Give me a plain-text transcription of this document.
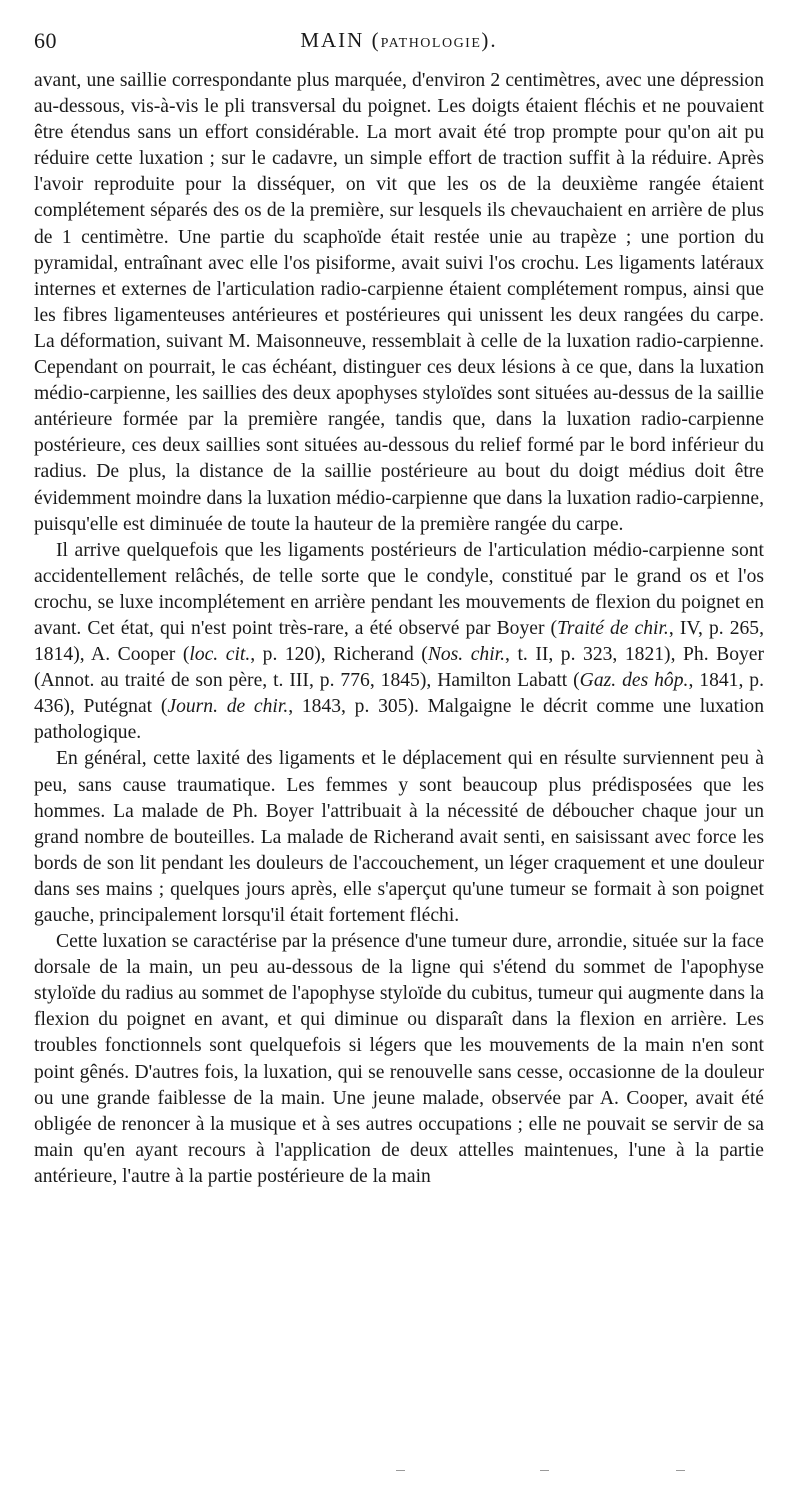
60	MAIN (PATHOLOGIE).

avant, une saillie correspondante plus marquée, d'environ 2 centimètres, avec une dépression au-dessous, vis-à-vis le pli transversal du poignet. Les doigts étaient fléchis et ne pouvaient être étendus sans un effort considérable. La mort avait été trop prompte pour qu'on ait pu réduire cette luxation ; sur le cadavre, un simple effort de traction suffit à la réduire. Après l'avoir reproduite pour la disséquer, on vit que les os de la deuxième rangée étaient complétement séparés des os de la première, sur lesquels ils chevauchaient en arrière de plus de 1 centimètre. Une partie du scaphoïde était restée unie au trapèze ; une portion du pyramidal, entraînant avec elle l'os pisiforme, avait suivi l'os crochu. Les ligaments latéraux internes et externes de l'articulation radio-carpienne étaient complétement rompus, ainsi que les fibres ligamenteuses antérieures et postérieures qui unissent les deux rangées du carpe. La déformation, suivant M. Maisonneuve, ressemblait à celle de la luxation radio-carpienne. Cependant on pourrait, le cas échéant, distinguer ces deux lésions à ce que, dans la luxation médio-carpienne, les saillies des deux apophyses styloïdes sont situées au-dessus de la saillie antérieure formée par la première rangée, tandis que, dans la luxation radio-carpienne postérieure, ces deux saillies sont situées au-dessous du relief formé par le bord inférieur du radius. De plus, la distance de la saillie postérieure au bout du doigt médius doit être évidemment moindre dans la luxation médio-carpienne que dans la luxation radio-carpienne, puisqu'elle est diminuée de toute la hauteur de la première rangée du carpe.

Il arrive quelquefois que les ligaments postérieurs de l'articulation médio-carpienne sont accidentellement relâchés, de telle sorte que le condyle, constitué par le grand os et l'os crochu, se luxe incomplétement en arrière pendant les mouvements de flexion du poignet en avant. Cet état, qui n'est point très-rare, a été observé par Boyer (Traité de chir., IV, p. 265, 1814), A. Cooper (loc. cit., p. 120), Richerand (Nos. chir., t. II, p. 323, 1821), Ph. Boyer (Annot. au traité de son père, t. III, p. 776, 1845), Hamilton Labatt (Gaz. des hôp., 1841, p. 436), Putégnat (Journ. de chir., 1843, p. 305). Malgaigne le décrit comme une luxation pathologique.

En général, cette laxité des ligaments et le déplacement qui en résulte surviennent peu à peu, sans cause traumatique. Les femmes y sont beaucoup plus prédisposées que les hommes. La malade de Ph. Boyer l'attribuait à la nécessité de déboucher chaque jour un grand nombre de bouteilles. La malade de Richerand avait senti, en saisissant avec force les bords de son lit pendant les douleurs de l'accouchement, un léger craquement et une douleur dans ses mains ; quelques jours après, elle s'aperçut qu'une tumeur se formait à son poignet gauche, principalement lorsqu'il était fortement fléchi.

Cette luxation se caractérise par la présence d'une tumeur dure, arrondie, située sur la face dorsale de la main, un peu au-dessous de la ligne qui s'étend du sommet de l'apophyse styloïde du radius au sommet de l'apophyse styloïde du cubitus, tumeur qui augmente dans la flexion du poignet en avant, et qui diminue ou disparaît dans la flexion en arrière. Les troubles fonctionnels sont quelquefois si légers que les mouvements de la main n'en sont point gênés. D'autres fois, la luxation, qui se renouvelle sans cesse, occasionne de la douleur ou une grande faiblesse de la main. Une jeune malade, observée par A. Cooper, avait été obligée de renoncer à la musique et à ses autres occupations ; elle ne pouvait se servir de sa main qu'en ayant recours à l'application de deux attelles maintenues, l'une à la partie antérieure, l'autre à la partie postérieure de la main
